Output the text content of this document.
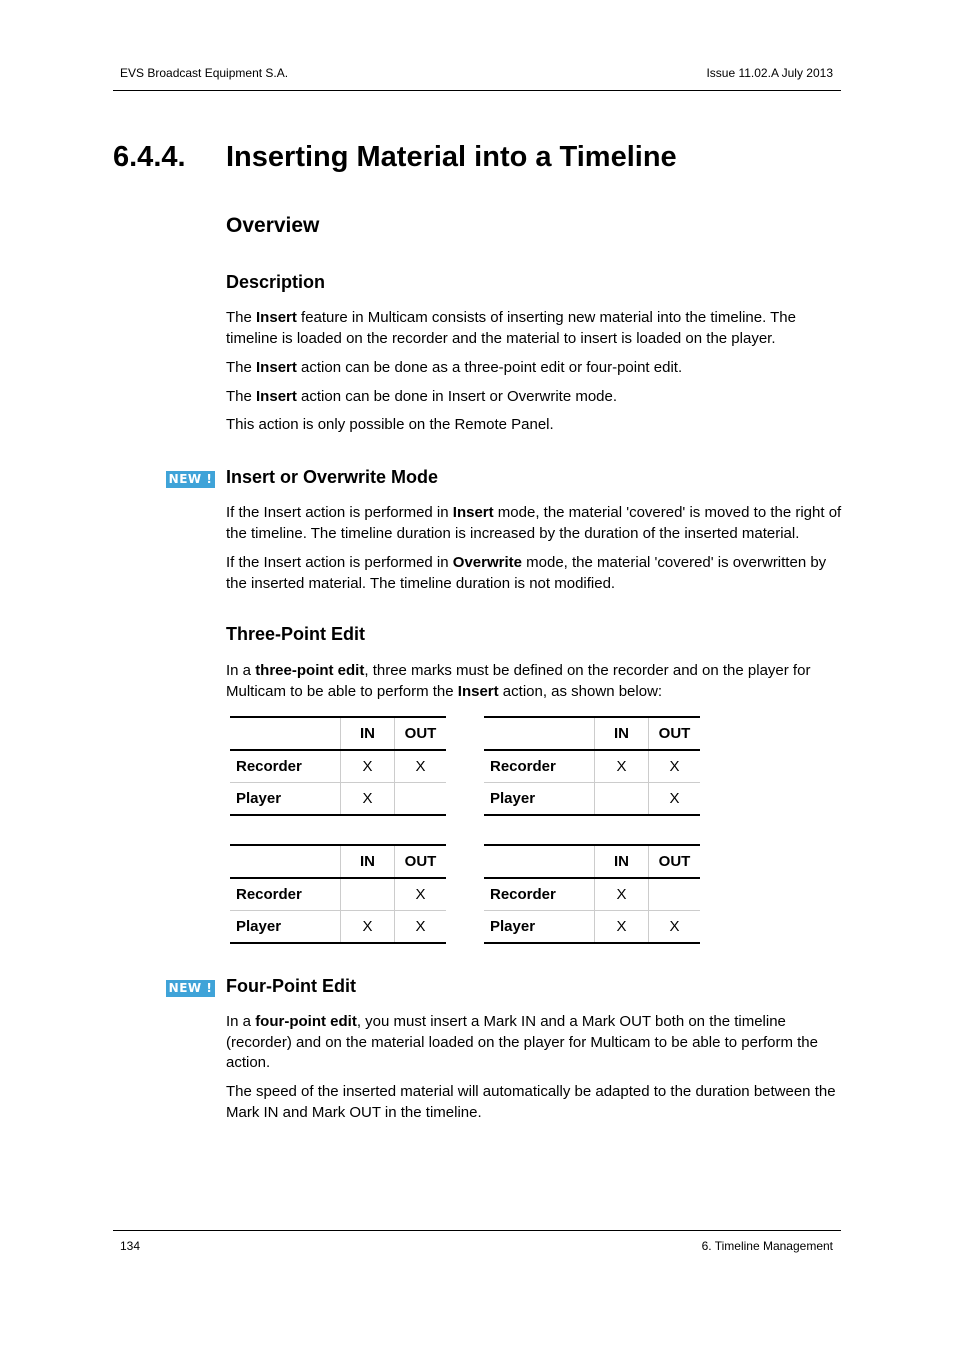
EVS Broadcast Equipment S.A.	Issue 11.02.A July 2013
6.4.4. Inserting Material into a Timeline
Overview
Description
The Insert feature in Multicam consists of inserting new material into the timeline. The timeline is loaded on the recorder and the material to insert is loaded on the player.
The Insert action can be done as a three-point edit or four-point edit.
The Insert action can be done in Insert or Overwrite mode.
This action is only possible on the Remote Panel.
NEW ! Insert or Overwrite Mode
If the Insert action is performed in Insert mode, the material 'covered' is moved to the right of the timeline. The timeline duration is increased by the duration of the inserted material.
If the Insert action is performed in Overwrite mode, the material 'covered' is overwritten by the inserted material. The timeline duration is not modified.
Three-Point Edit
In a three-point edit, three marks must be defined on the recorder and on the player for Multicam to be able to perform the Insert action, as shown below:
	IN	OUT
Recorder	X	X
Player	X	
	IN	OUT
Recorder	X	X
Player		X
	IN	OUT
Recorder		X
Player	X	X
	IN	OUT
Recorder	X	
Player	X	X
NEW ! Four-Point Edit
In a four-point edit, you must insert a Mark IN and a Mark OUT both on the timeline (recorder) and on the material loaded on the player for Multicam to be able to perform the action.
The speed of the inserted material will automatically be adapted to the duration between the Mark IN and Mark OUT in the timeline.
134	6. Timeline Management
